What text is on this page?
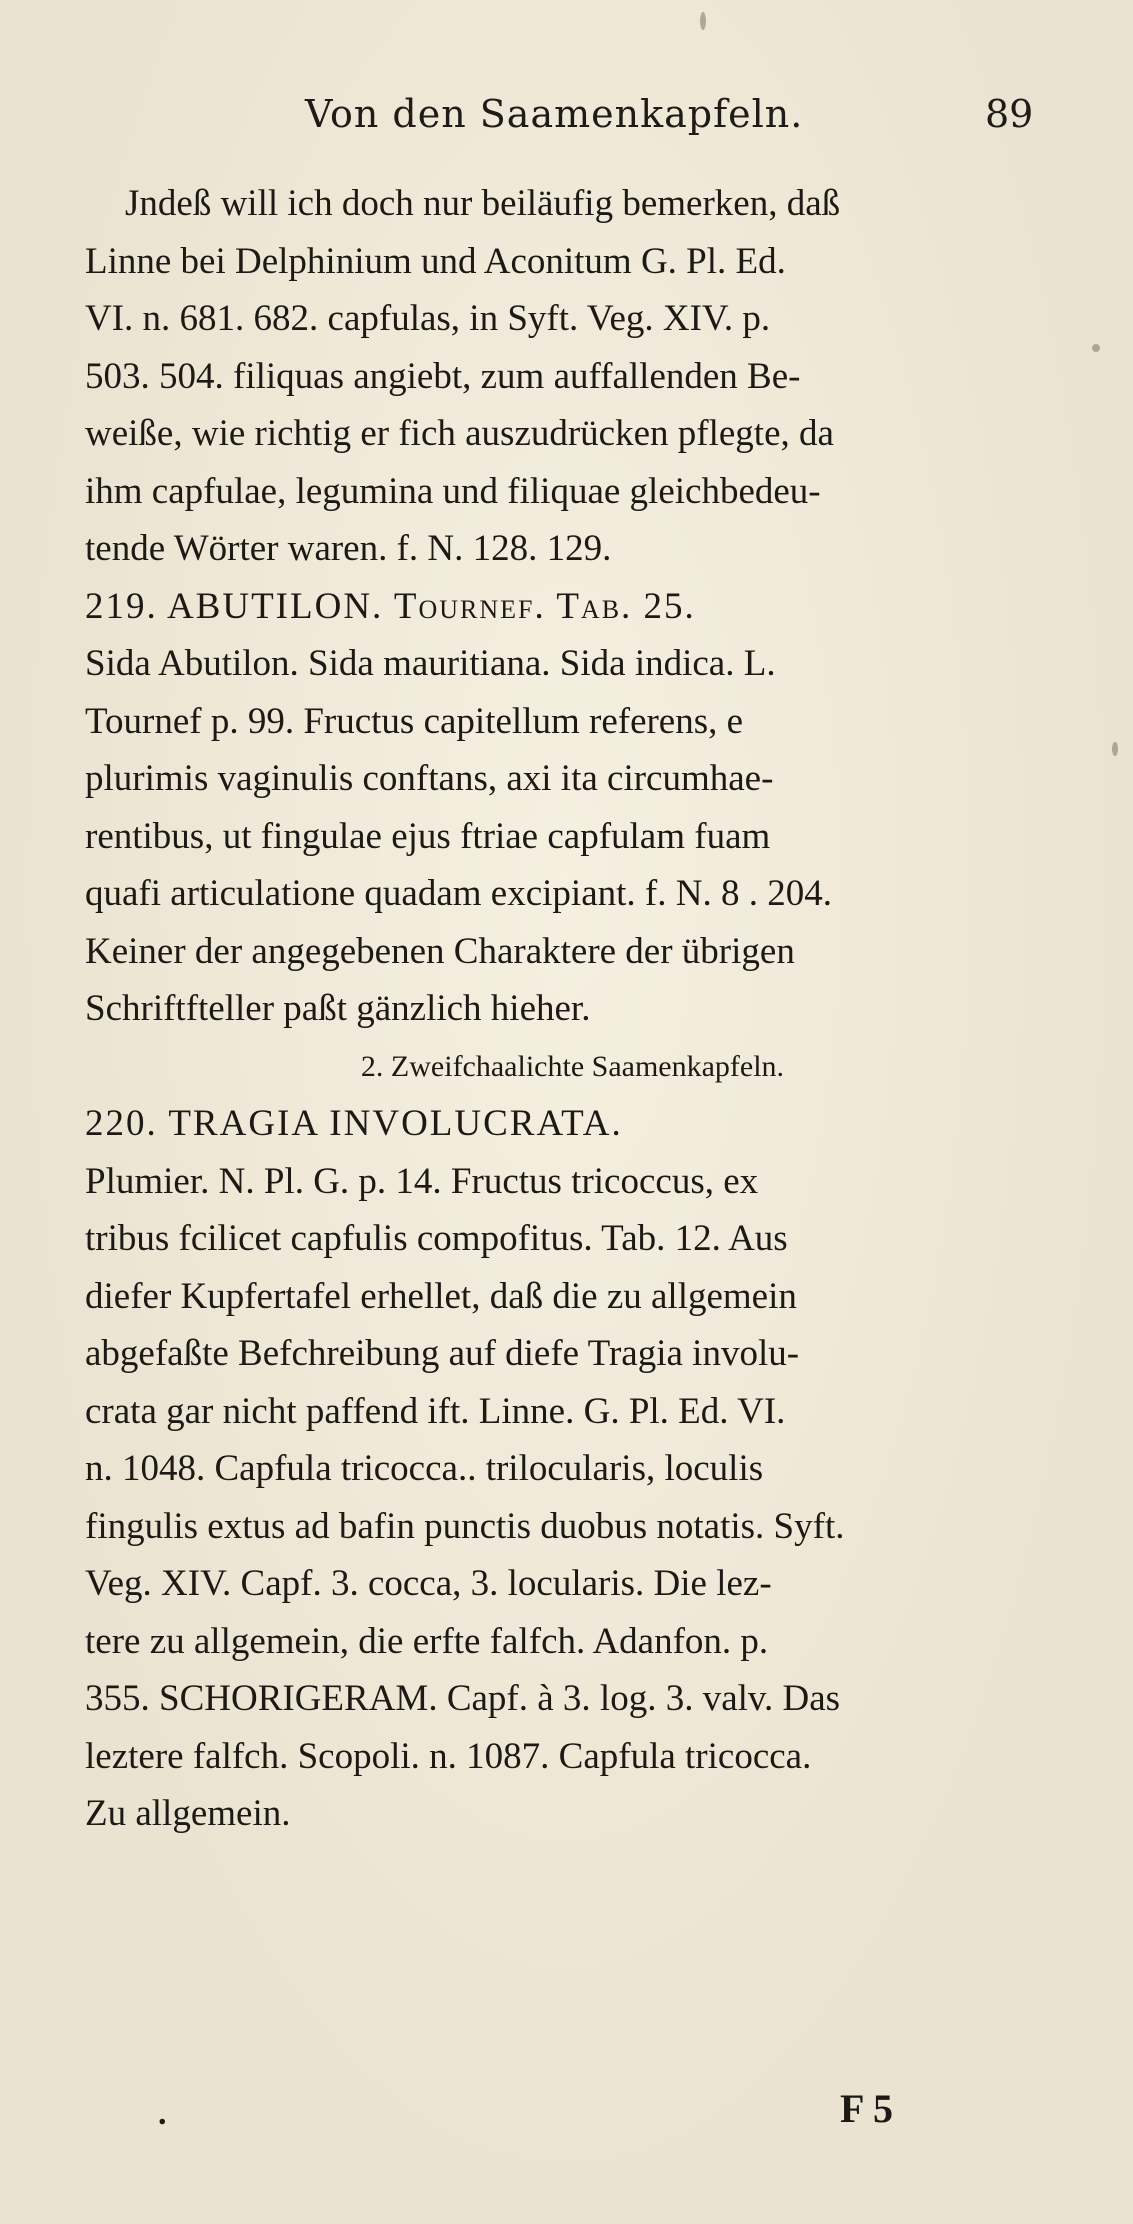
Von den Saamenkapfeln.	89
Jndeß will ich doch nur beiläufig bemerken, daß
Linne bei Delphinium und Aconitum G. Pl. Ed.
VI. n. 681. 682. capfulas, in Syft. Veg. XIV. p.
503. 504. filiquas angiebt, zum auffallenden Be-
weiße, wie richtig er fich auszudrücken pflegte, da
ihm capfulae, legumina und filiquae gleichbedeu-
tende Wörter waren. f. N. 128. 129.
219. ABUTILON. Tournef. Tab. 25.
Sida Abutilon. Sida mauritiana. Sida indica. L.
Tournef p. 99. Fructus capitellum referens, e
plurimis vaginulis conftans, axi ita circumhae-
rentibus, ut fingulae ejus ftriae capfulam fuam
quafi articulatione quadam excipiant. f. N. 8 . 204.
Keiner der angegebenen Charaktere der übrigen
Schriftfteller paßt gänzlich hieher.
2. Zweifchaalichte Saamenkapfeln.
220. TRAGIA INVOLUCRATA.
Plumier. N. Pl. G. p. 14. Fructus tricoccus, ex
tribus fcilicet capfulis compofitus. Tab. 12. Aus
diefer Kupfertafel erhellet, daß die zu allgemein
abgefaßte Befchreibung auf diefe Tragia involu-
crata gar nicht paffend ift. Linne. G. Pl. Ed. VI.
n. 1048. Capfula tricocca.. trilocularis, loculis
fingulis extus ad bafin punctis duobus notatis. Syft.
Veg. XIV. Capf. 3. cocca, 3. locularis. Die lez-
tere zu allgemein, die erfte falfch. Adanfon. p.
355. SCHORIGERAM. Capf. à 3. log. 3. valv. Das
leztere falfch. Scopoli. n. 1087. Capfula tricocca.
Zu allgemein.
.	F 5
